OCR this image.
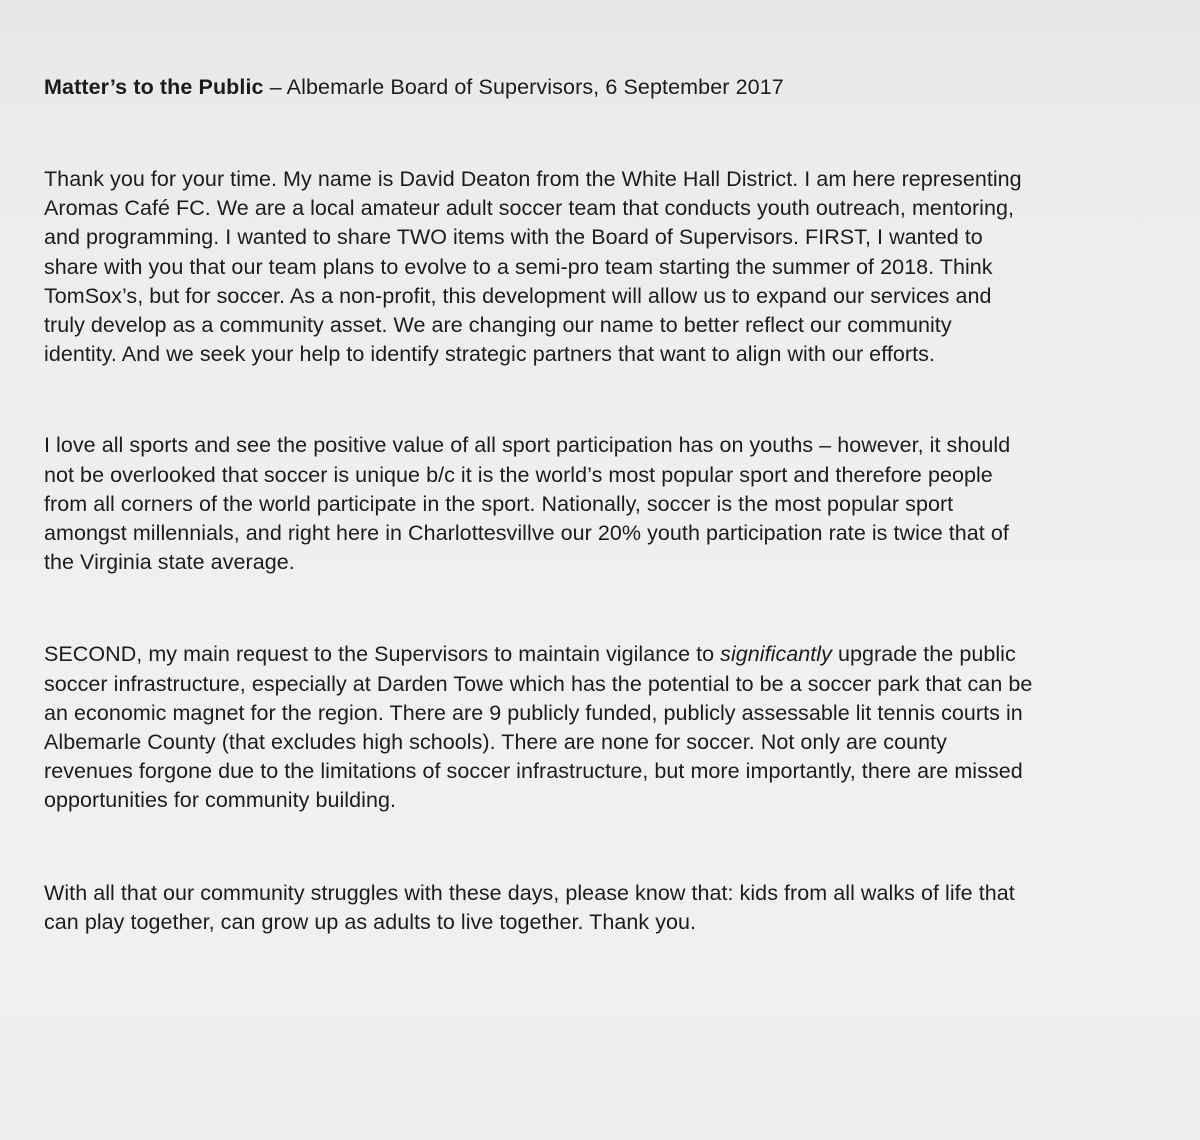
Matter’s to the Public – Albemarle Board of Supervisors, 6 September 2017
Thank you for your time. My name is David Deaton from the White Hall District. I am here representing
Aromas Café FC. We are a local amateur adult soccer team that conducts youth outreach, mentoring,
and programming. I wanted to share TWO items with the Board of Supervisors. FIRST, I wanted to
share with you that our team plans to evolve to a semi-pro team starting the summer of 2018. Think
TomSox’s, but for soccer. As a non-profit, this development will allow us to expand our services and
truly develop as a community asset. We are changing our name to better reflect our community
identity. And we seek your help to identify strategic partners that want to align with our efforts.
I love all sports and see the positive value of all sport participation has on youths – however, it should
not be overlooked that soccer is unique b/c it is the world’s most popular sport and therefore people
from all corners of the world participate in the sport. Nationally, soccer is the most popular sport
amongst millennials, and right here in Charlottesvillve our 20% youth participation rate is twice that of
the Virginia state average.
SECOND, my main request to the Supervisors to maintain vigilance to significantly upgrade the public
soccer infrastructure, especially at Darden Towe which has the potential to be a soccer park that can be
an economic magnet for the region. There are 9 publicly funded, publicly assessable lit tennis courts in
Albemarle County (that excludes high schools). There are none for soccer. Not only are county
revenues forgone due to the limitations of soccer infrastructure, but more importantly, there are missed
opportunities for community building.
With all that our community struggles with these days, please know that: kids from all walks of life that
can play together, can grow up as adults to live together. Thank you.
